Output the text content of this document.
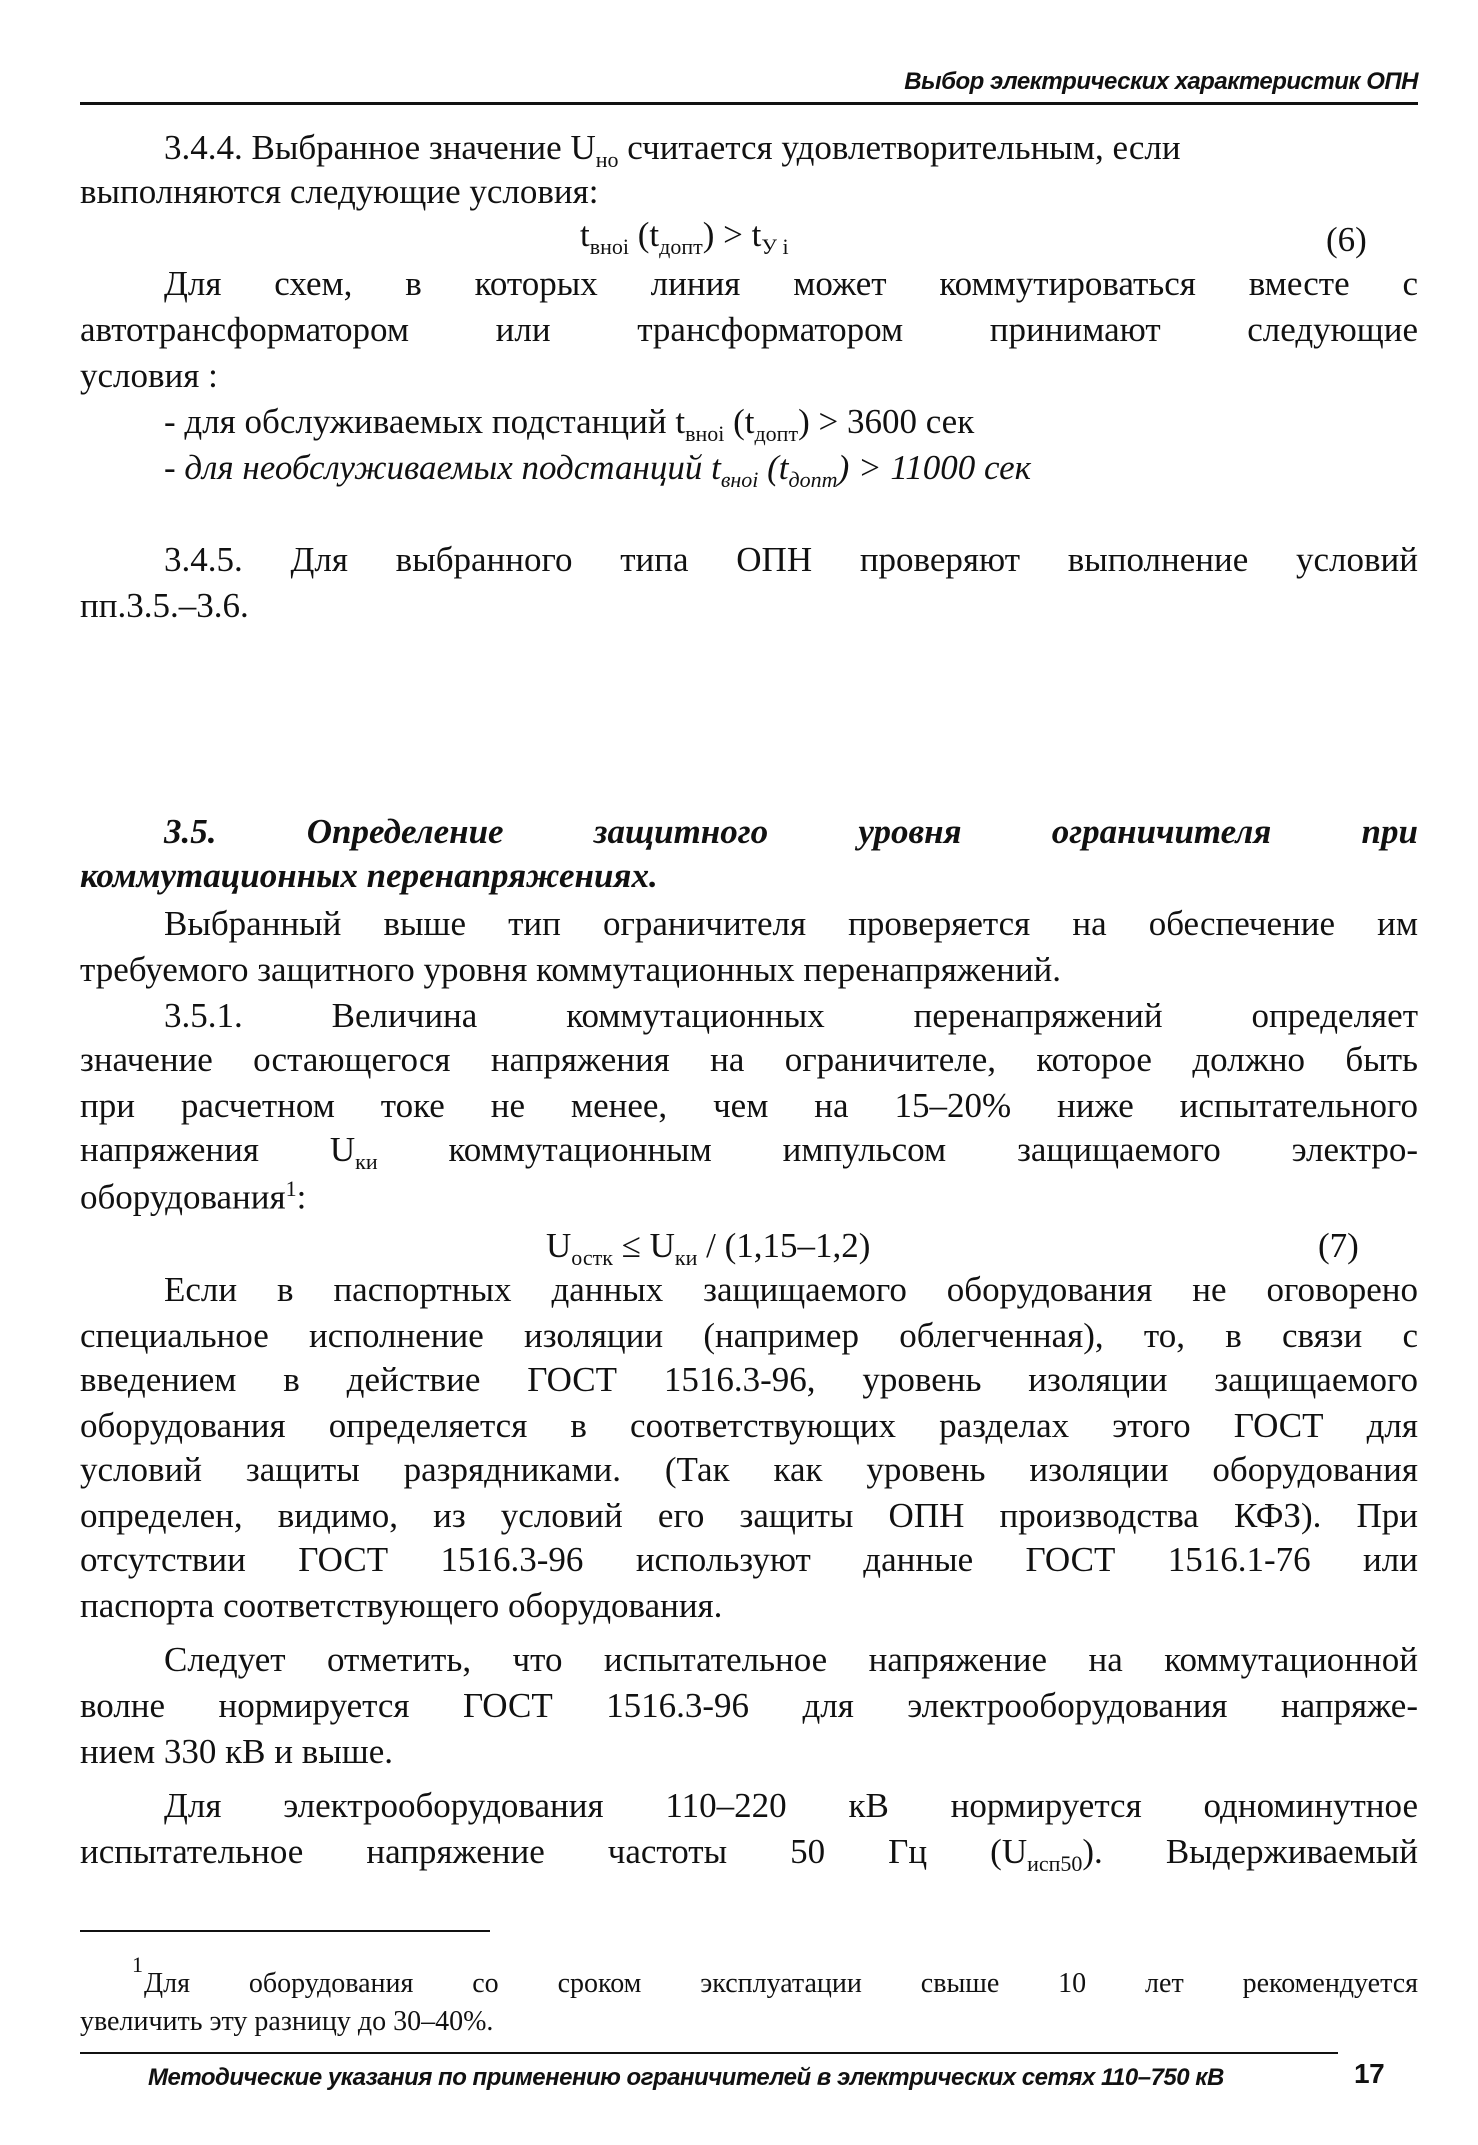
Выбор электрических характеристик ОПН
3.4.4. Выбранное значение $U_{но}$ считается удовлетворительным, если
выполняются следующие условия:
$t_{вноi}$ $(t_{допт}) > t_{У i}$	(6)
Для схем, в которых линия может коммутироваться вместе с
автотрансформатором или трансформатором принимают следующие
условия :
- для обслуживаемых подстанций $t_{вноi}$ $(t_{допт}) > 3600$ сек
- для необслуживаемых подстанций $t_{вноi}$ $(t_{допт}) > 11000$ сек
3.4.5. Для выбранного типа ОПН проверяют выполнение условий
пп.3.5.–3.6.
3.5. Определение защитного уровня ограничителя при
коммутационных перенапряжениях.
Выбранный выше тип ограничителя проверяется на обеспечение им
требуемого защитного уровня коммутационных перенапряжений.
3.5.1. Величина коммутационных перенапряжений определяет
значение остающегося напряжения на ограничителе, которое должно быть
при расчетном токе не менее, чем на 15–20% ниже испытательного
напряжения $U_{ки}$ коммутационным импульсом защищаемого электро-
оборудования$^1$:
$U_{остк} \le U_{ки} / (1,15-1,2)$	(7)
Если в паспортных данных защищаемого оборудования не оговорено
специальное исполнение изоляции (например облегченная), то, в связи с
введением в действие ГОСТ 1516.3-96, уровень изоляции защищаемого
оборудования определяется в соответствующих разделах этого ГОСТ для
условий защиты разрядниками. (Так как уровень изоляции оборудования
определен, видимо, из условий его защиты ОПН производства КФЗ). При
отсутствии ГОСТ 1516.3-96 используют данные ГОСТ 1516.1-76 или
паспорта соответствующего оборудования.
Следует отметить, что испытательное напряжение на коммутационной
волне нормируется ГОСТ 1516.3-96 для электрооборудования напряже-
нием 330 кВ и выше.
Для электрооборудования 110–220 кВ нормируется одноминутное
испытательное напряжение частоты 50 Гц $(U_{исп50})$. Выдерживаемый
1
Для оборудования со сроком эксплуатации свыше 10 лет рекомендуется
увеличить эту разницу до 30–40%.
Методические указания по применению ограничителей в электрических сетях 110–750 кВ	17
